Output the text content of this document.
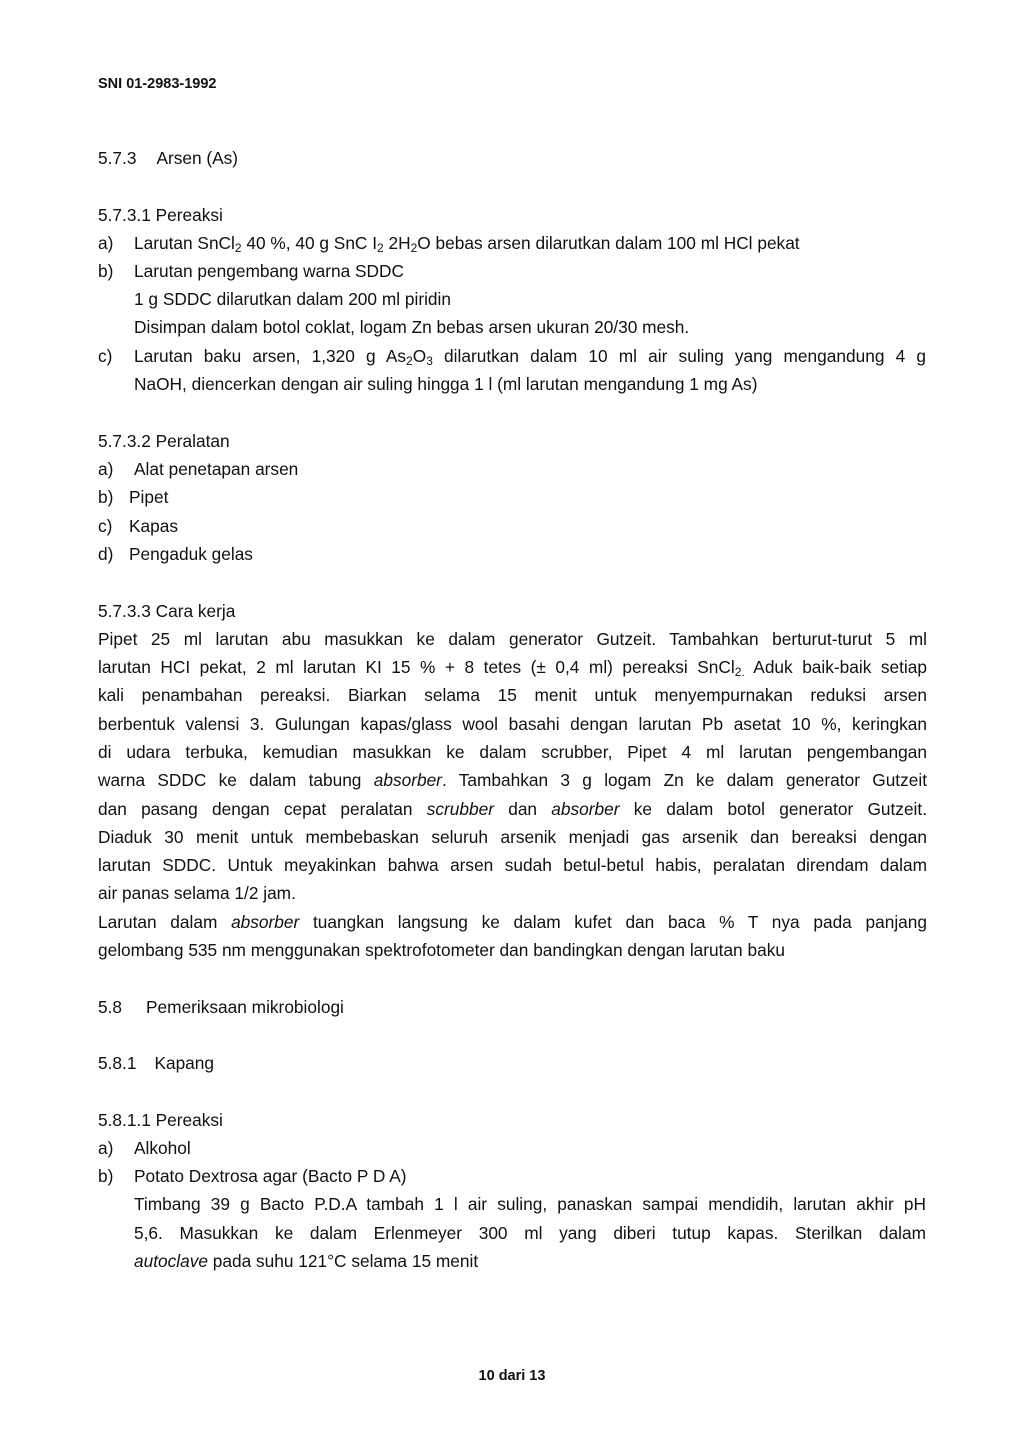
SNI 01-2983-1992
5.7.3 Arsen (As)
5.7.3.1 Pereaksi
a) Larutan SnCl$_2$ 40 %, 40 g SnC $I_2$ $2H_2O$ bebas arsen dilarutkan dalam 100 ml HCl pekat
b) Larutan pengembang warna SDDC
1 g SDDC dilarutkan dalam 200 ml piridin
Disimpan dalam botol coklat, logam Zn bebas arsen ukuran 20/30 mesh.
c) Larutan baku arsen, 1,320 g $As_2O_3$ dilarutkan dalam 10 ml air suling yang mengandung 4 g
NaOH, diencerkan dengan air suling hingga 1 l (ml larutan mengandung 1 mg As)
5.7.3.2 Peralatan
a) Alat penetapan arsen
b) Pipet
c) Kapas
d) Pengaduk gelas
5.7.3.3 Cara kerja
Pipet 25 ml larutan abu masukkan ke dalam generator Gutzeit. Tambahkan berturut-turut 5 ml
larutan HCI pekat, 2 ml larutan KI 15 % + 8 tetes (± 0,4 ml) pereaksi SnCl$_{2.}$ Aduk baik-baik setiap
kali penambahan pereaksi. Biarkan selama 15 menit untuk menyempurnakan reduksi arsen
berbentuk valensi 3. Gulungan kapas/glass wool basahi dengan larutan Pb asetat 10 %, keringkan
di udara terbuka, kemudian masukkan ke dalam scrubber, Pipet 4 ml larutan pengembangan
warna SDDC ke dalam tabung absorber. Tambahkan 3 g logam Zn ke dalam generator Gutzeit
dan pasang dengan cepat peralatan scrubber dan absorber ke dalam botol generator Gutzeit.
Diaduk 30 menit untuk membebaskan seluruh arsenik menjadi gas arsenik dan bereaksi dengan
larutan SDDC. Untuk meyakinkan bahwa arsen sudah betul-betul habis, peralatan direndam dalam
air panas selama 1/2 jam.
Larutan dalam absorber tuangkan langsung ke dalam kufet dan baca % T nya pada panjang
gelombang 535 nm menggunakan spektrofotometer dan bandingkan dengan larutan baku
5.8 Pemeriksaan mikrobiologi
5.8.1 Kapang
5.8.1.1 Pereaksi
a) Alkohol
b) Potato Dextrosa agar (Bacto P D A)
Timbang 39 g Bacto P.D.A tambah 1 l air suling, panaskan sampai mendidih, larutan akhir pH
5,6. Masukkan ke dalam Erlenmeyer 300 ml yang diberi tutup kapas. Sterilkan dalam
autoclave pada suhu 121°C selama 15 menit
10 dari 13
